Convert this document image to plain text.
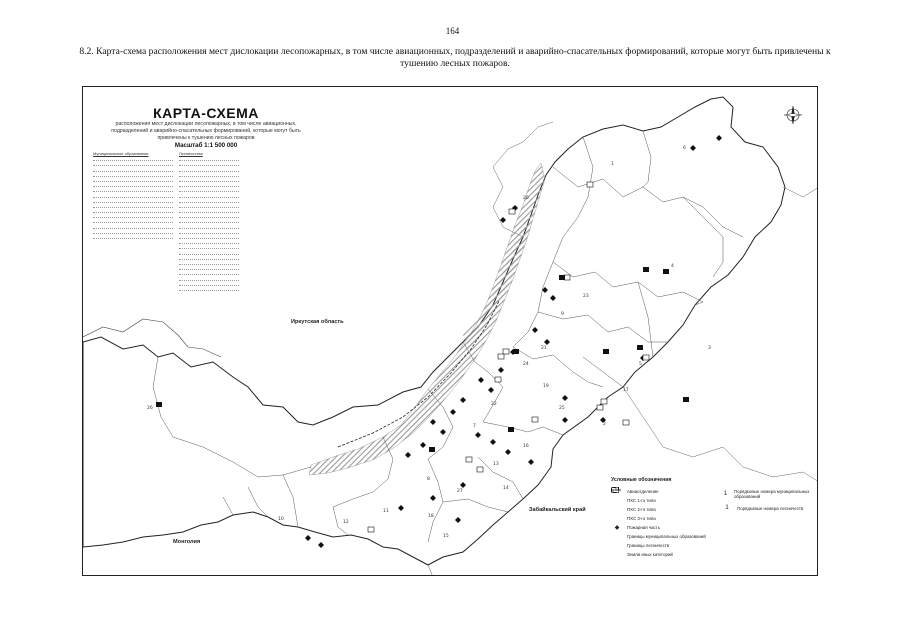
164
8.2. Карта-схема расположения мест дислокации лесопожарных, в том числе авиационных, подразделений и аварийно-спасательных формирований, которые могут быть привлечены к тушению лесных пожаров.
1
20
23
4
5
9
21
24
22
25
17
7
16
13
27
8
11
12
10
26
3
19
18
14
2
6
15
КАРТА-СХЕМА
расположения мест дислокации лесопожарных, в том числе авиационных,
подразделений и аварийно-спасательных формирований, которые могут быть
привлечены к тушению лесных пожаров
Масштаб 1:1 500 000
Муниципальные образования	Лесничества
Иркутская область
Забайкальский край
Монголия
Условные обозначения
Авиаотделение
ПХС 1-го типа
ПХС 2-го типа
ПХС 3-го типа
◆	Пожарная часть
Границы муниципальных образований
Границы лесничеств
Земли иных категорий
1	Порядковые номера муниципальных образований
1	Порядковые номера лесничеств
